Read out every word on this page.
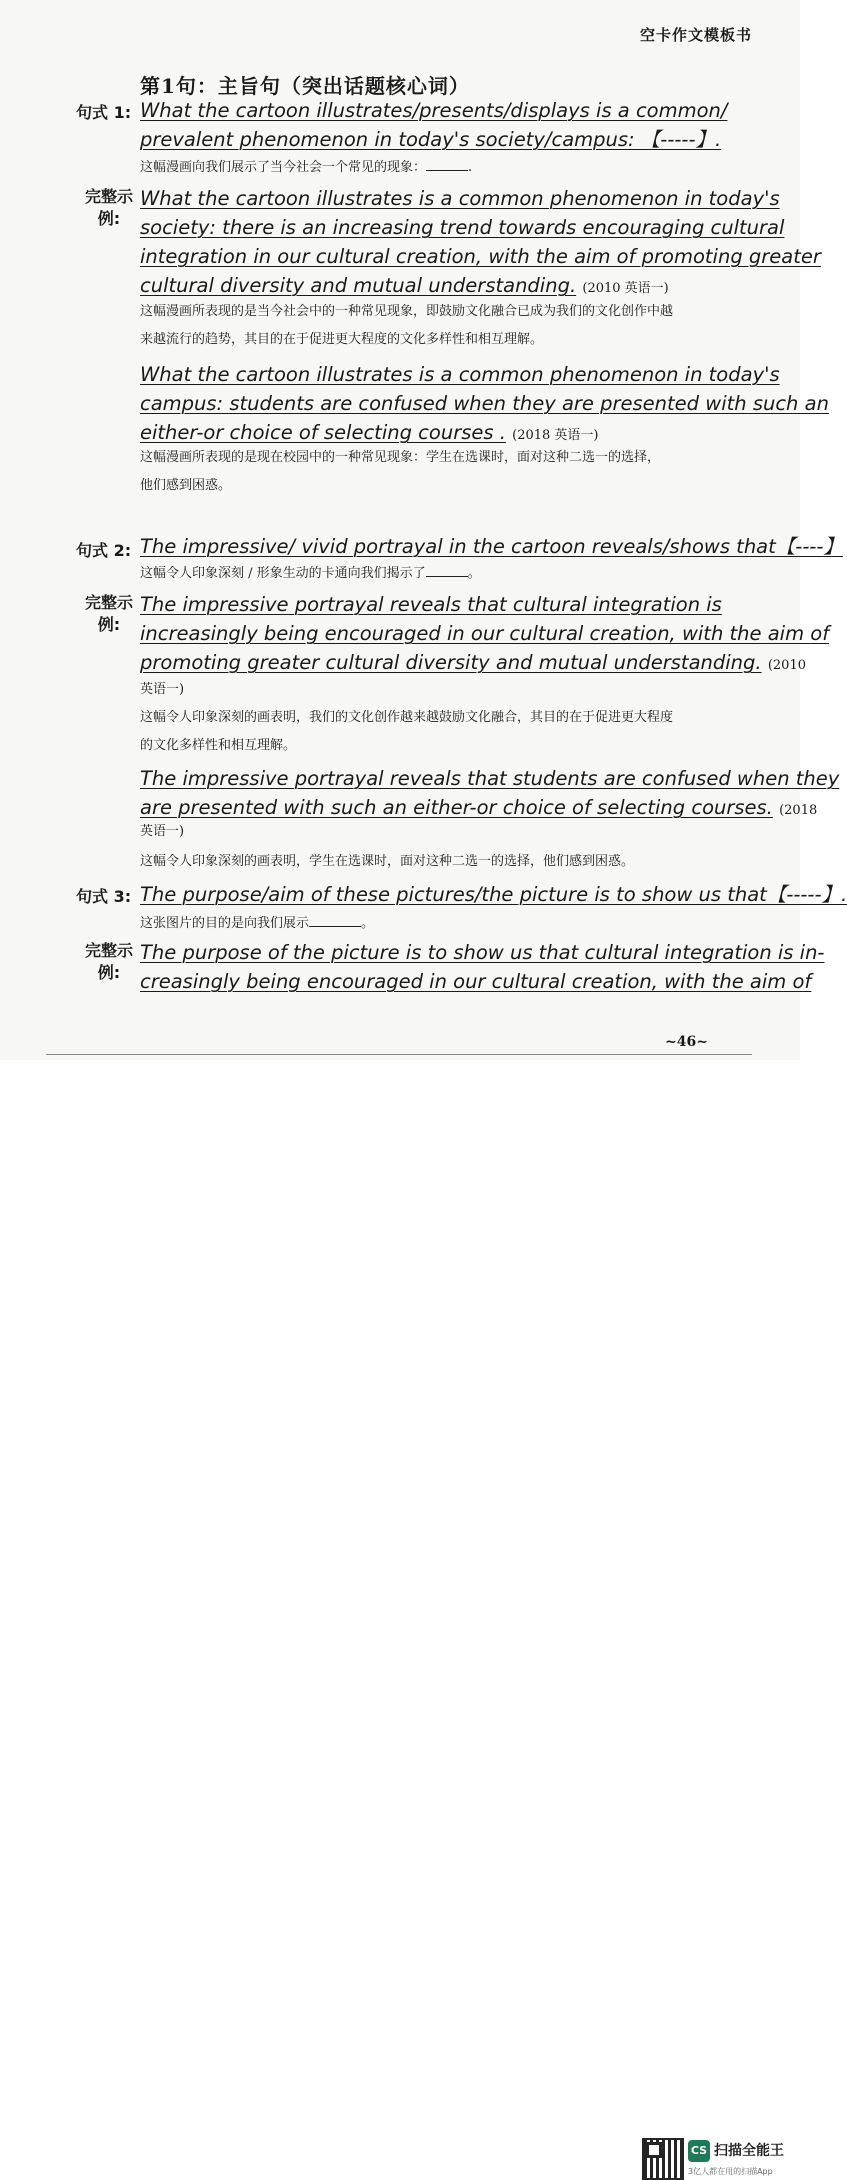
空卡作文模板书
第1句：主旨句（突出话题核心词）
句式 1: What the cartoon illustrates/presents/displays is a common/
prevalent phenomenon in today's society/campus: 【-----】.
这幅漫画向我们展示了当今社会一个常见的现象：	.
完整示例:
What the cartoon illustrates is a common phenomenon in today's
society: there is an increasing trend towards encouraging cultural
integration in our cultural creation, with the aim of promoting greater
cultural diversity and mutual understanding. (2010 英语一)
这幅漫画所表现的是当今社会中的一种常见现象，即鼓励文化融合已成为我们的文化创作中越
来越流行的趋势，其目的在于促进更大程度的文化多样性和相互理解。
What the cartoon illustrates is a common phenomenon in today's
campus: students are confused when they are presented with such an
either-or choice of selecting courses . (2018 英语一)
这幅漫画所表现的是现在校园中的一种常见现象：学生在选课时，面对这种二选一的选择，
他们感到困惑。
句式 2: The impressive/ vivid portrayal in the cartoon reveals/shows that【----】
这幅令人印象深刻 / 形象生动的卡通向我们揭示了	。
完整示例:
The impressive portrayal reveals that cultural integration is
increasingly being encouraged in our cultural creation, with the aim of
promoting greater cultural diversity and mutual understanding. (2010
英语一)
这幅令人印象深刻的画表明，我们的文化创作越来越鼓励文化融合，其目的在于促进更大程度
的文化多样性和相互理解。
The impressive portrayal reveals that students are confused when they
are presented with such an either-or choice of selecting courses. (2018
英语一)
这幅令人印象深刻的画表明，学生在选课时，面对这种二选一的选择，他们感到困惑。
句式 3: The purpose/aim of these pictures/the picture is to show us that【-----】.
这张图片的目的是向我们展示	。
完整示例:
The purpose of the picture is to show us that cultural integration is in-
creasingly being encouraged in our cultural creation, with the aim of
~46~
CS 扫描全能王
3亿人都在用的扫描App
